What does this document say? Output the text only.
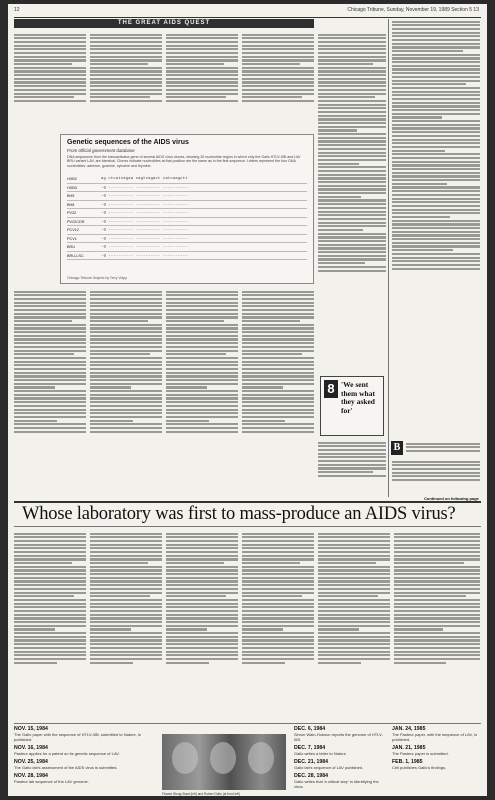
12	Chicago Tribune, Sunday, November 19, 1989 Section 5 13
THE GREAT AIDS QUEST
Genetic sequences of the AIDS virus
From official government database
DNA sequences from the transactivator gene of several AIDS virus clones, showing 30 nucleotide region in which only the Gallo HTLV-IIIB and LAV BRU variant LAV, are identical. Clones indicate nucleotides at that position are the same as in the first sequence. Letters represent the four DNA nucleotides: adenine, guanine, cytosine and thymine.
HXB2	ag ctcatcagaa cagtcagact catcaagctt
HXB3	-g ---------- ---------- ----------
BH5	-g ---------- ---------- ----------
BH8	-g ---------- ---------- ----------
PV22	-g ---------- ---------- ----------
PV22CDR	-g ---------- ---------- ----------
PCV12	-g ---------- ---------- ----------
PCV1	-g ---------- ---------- ----------
BRU	-g ---------- ---------- ----------
BRU-LSC	-g ---------- ---------- ----------
Chicago Tribune Graphic by Terry Volpp
8 'We sent them what they asked for'
B
Continued on following page
Whose laboratory was first to mass-produce an AIDS virus?
NOV. 15, 1984
The Gallo paper with the sequence of HTLV-IIIB, submitted to Nature, is published.
NOV. 16, 1984
Pasteur applies for a patent on its genetic sequence of LAV.
NOV. 25, 1984
The Gallo lab's assessment of the AIDS virus is submitted.
NOV. 28, 1984
Pasteur lab sequence of the LAV genome.
DEC. 6, 1984
Simon Wain-Hobson reports the genome of HTLV-IIIB.
DEC. 7, 1984
Gallo writes a letter to Nature.
DEC. 21, 1984
Gallo lab's sequence of LAV published.
DEC. 28, 1984
Gallo writes that 'a critical step' in identifying the virus.
JAN. 24, 1985
The Pasteur paper, with the sequence of LAV, is published.
JAN. 21, 1985
The Pasteur paper is submitted.
FEB. 1, 1985
Cell publishes Gallo's findings.
Flossie Wong-Staal (left) and Robert Gallo (at front left)
